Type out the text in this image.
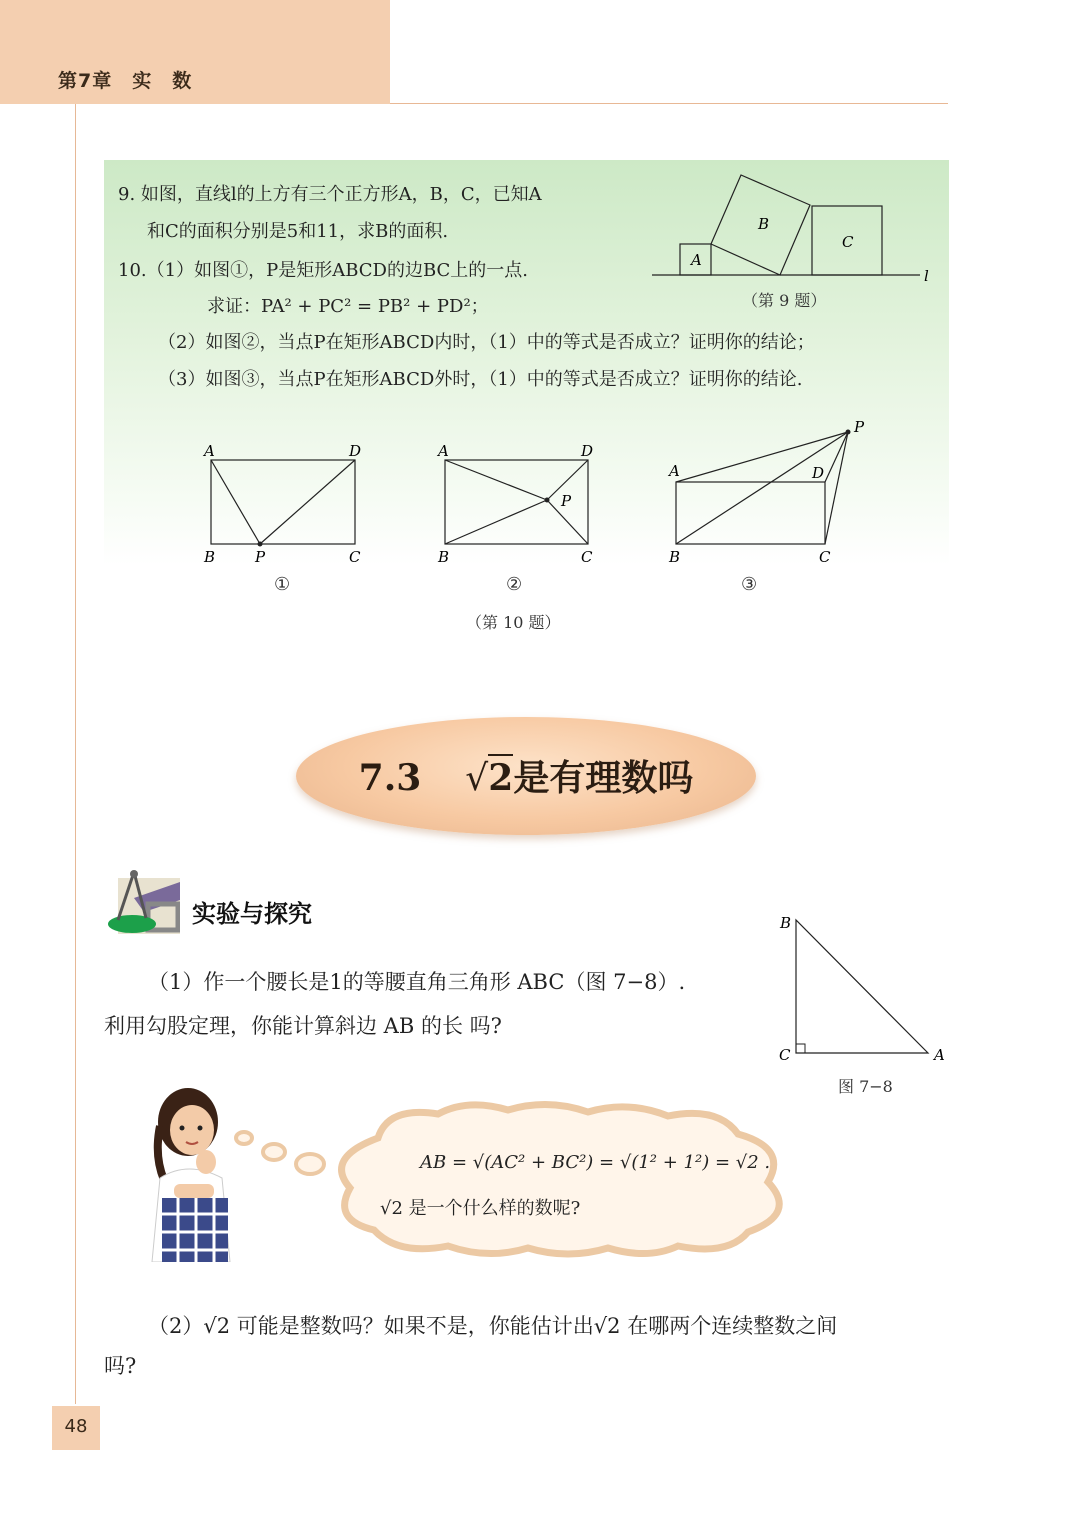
第7章　实　数
9. 如图，直线l的上方有三个正方形A，B，C，已知A
和C的面积分别是5和11，求B的面积.
10.（1）如图①，P是矩形ABCD的边BC上的一点.
求证：PA² + PC² = PB² + PD²；
（2）如图②，当点P在矩形ABCD内时，（1）中的等式是否成立？证明你的结论；
（3）如图③，当点P在矩形ABCD外时，（1）中的等式是否成立？证明你的结论.
A
B
C
l
（第 9 题）
A	D
B	P	C
A	D
P
B	C
P
A	D
B	C
①	②	③
（第 10 题）
7.3 √2是有理数吗
实验与探究
（1）作一个腰长是1的等腰直角三角形 ABC（图 7−8）.
利用勾股定理，你能计算斜边 AB 的长 吗?
B
C	A
图 7−8
AB = √(AC² + BC²) = √(1² + 1²) = √2 .
√2 是一个什么样的数呢?
（2）√2 可能是整数吗？如果不是，你能估计出√2 在哪两个连续整数之间
吗?
48
